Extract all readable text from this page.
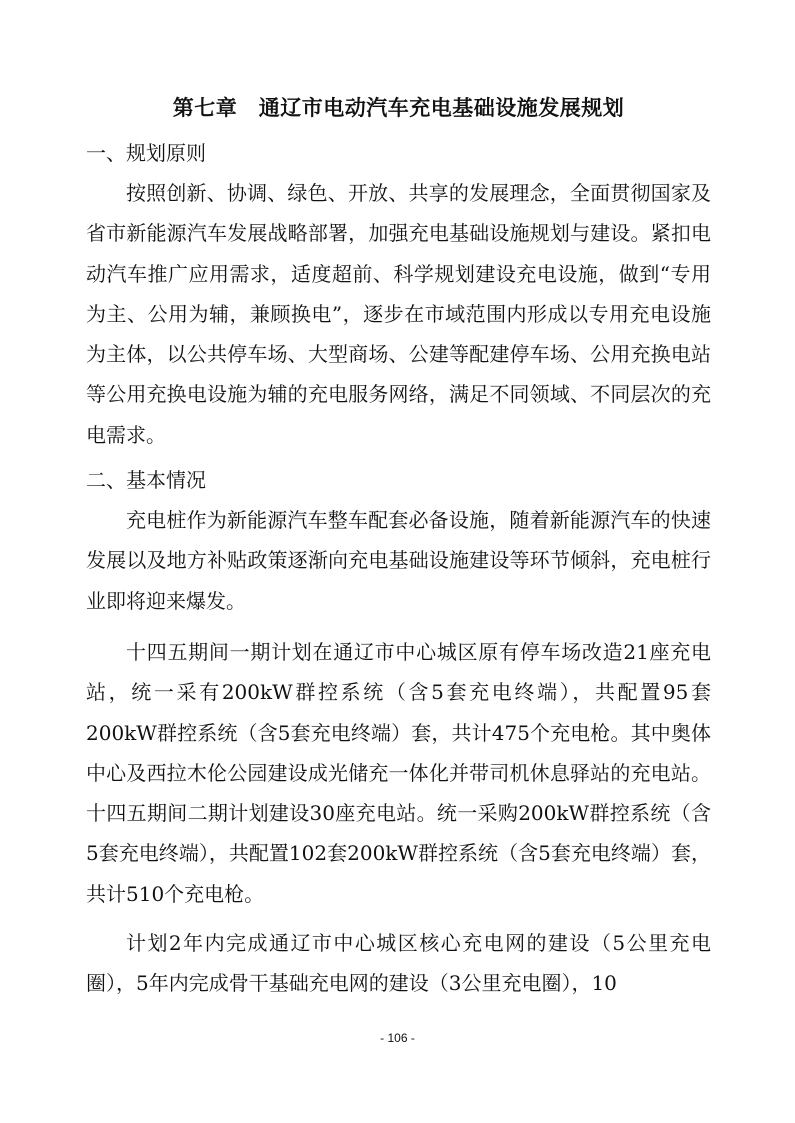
第七章　通辽市电动汽车充电基础设施发展规划
一、规划原则

按照创新、协调、绿色、开放、共享的发展理念，全面贯彻国家及省市新能源汽车发展战略部署，加强充电基础设施规划与建设。紧扣电动汽车推广应用需求，适度超前、科学规划建设充电设施，做到“专用为主、公用为辅，兼顾换电”，逐步在市域范围内形成以专用充电设施为主体，以公共停车场、大型商场、公建等配建停车场、公用充换电站等公用充换电设施为辅的充电服务网络，满足不同领域、不同层次的充电需求。

二、基本情况

充电桩作为新能源汽车整车配套必备设施，随着新能源汽车的快速发展以及地方补贴政策逐渐向充电基础设施建设等环节倾斜，充电桩行业即将迎来爆发。

十四五期间一期计划在通辽市中心城区原有停车场改造21座充电站，统一采有200kW群控系统（含5套充电终端），共配置95套200kW群控系统（含5套充电终端）套，共计475个充电枪。其中奥体中心及西拉木伦公园建设成光储充一体化并带司机休息驿站的充电站。十四五期间二期计划建设30座充电站。统一采购200kW群控系统（含5套充电终端），共配置102套200kW群控系统（含5套充电终端）套，共计510个充电枪。

计划2年内完成通辽市中心城区核心充电网的建设（5公里充电圈），5年内完成骨干基础充电网的建设（3公里充电圈），10

- 106 -
